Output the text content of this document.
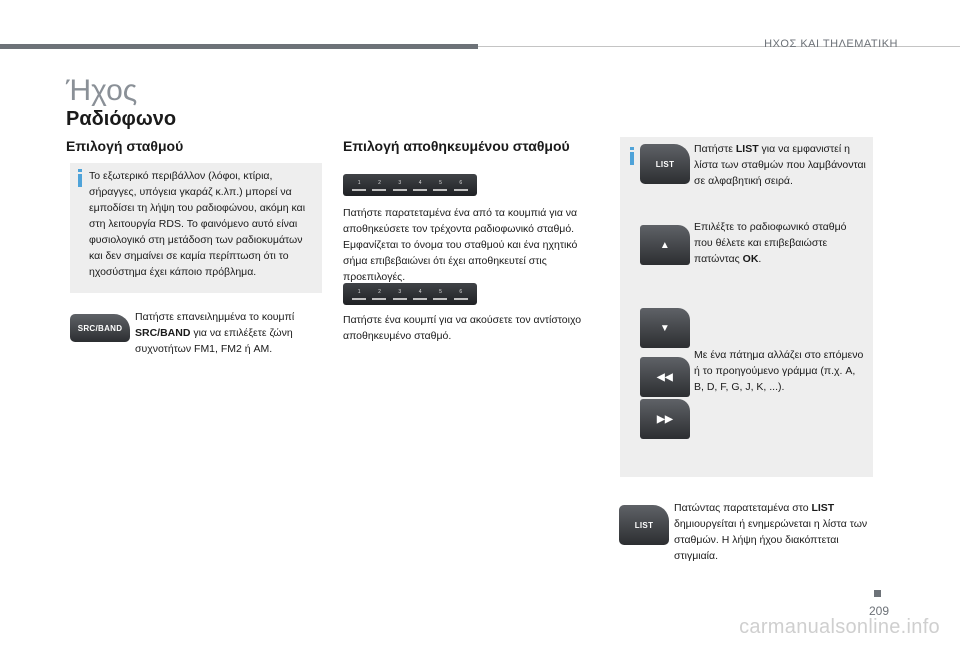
ΗΧΟΣ ΚΑΙ ΤΗΛΕΜΑΤΙΚΗ
Ήχος
Ραδιόφωνο
Επιλογή σταθμού
Το εξωτερικό περιβάλλον (λόφοι, κτίρια, σήραγγες, υπόγεια γκαράζ κ.λπ.) μπορεί να εμποδίσει τη λήψη του ραδιοφώνου, ακόμη και στη λειτουργία RDS. Το φαινόμενο αυτό είναι φυσιολογικό στη μετάδοση των ραδιοκυμάτων και δεν σημαίνει σε καμία περίπτωση ότι το ηχοσύστημα έχει κάποιο πρόβλημα.
SRC/BAND
Πατήστε επανειλημμένα το κουμπί SRC/BAND για να επιλέξετε ζώνη συχνοτήτων FM1, FM2 ή AM.
Επιλογή αποθηκευμένου σταθμού
1	2	3	4	5	6
Πατήστε παρατεταμένα ένα από τα κουμπιά για να αποθηκεύσετε τον τρέχοντα ραδιοφωνικό σταθμό. Εμφανίζεται το όνομα του σταθμού και ένα ηχητικό σήμα επιβεβαιώνει ότι έχει αποθηκευτεί στις προεπιλογές.
1	2	3	4	5	6
Πατήστε ένα κουμπί για να ακούσετε τον αντίστοιχο αποθηκευμένο σταθμό.
LIST
Πατήστε LIST για να εμφανιστεί η λίστα των σταθμών που λαμβάνονται σε αλφαβητική σειρά.
▲
Επιλέξτε το ραδιοφωνικό σταθμό που θέλετε και επιβεβαιώστε πατώντας OK.
▼
◀◀
Με ένα πάτημα αλλάζει στο επόμενο ή το προηγούμενο γράμμα (π.χ. A, B, D, F, G, J, K, ...).
▶▶
LIST
Πατώντας παρατεταμένα στο LIST δημιουργείται ή ενημερώνεται η λίστα των σταθμών. Η λήψη ήχου διακόπτεται στιγμιαία.
209
carmanualsonline.info
